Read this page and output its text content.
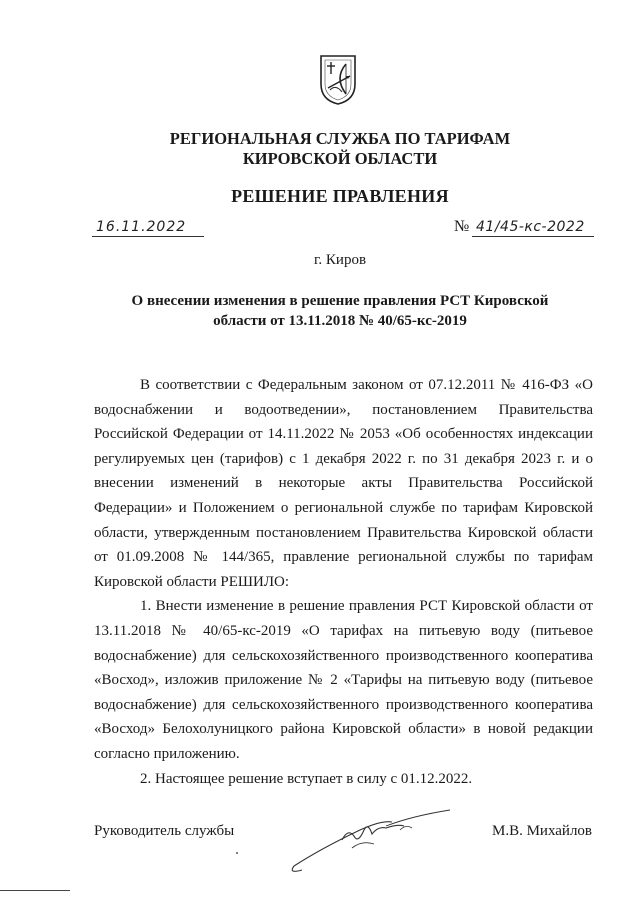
РЕГИОНАЛЬНАЯ СЛУЖБА ПО ТАРИФАМ
КИРОВСКОЙ ОБЛАСТИ
РЕШЕНИЕ ПРАВЛЕНИЯ
16.11.2022	№ 41/45-кс-2022
г. Киров
О внесении изменения в решение правления РСТ Кировской
области от 13.11.2018 № 40/65-кс-2019

В соответствии с Федеральным законом от 07.12.2011 № 416-ФЗ «О водоснабжении и водоотведении», постановлением Правительства Российской Федерации от 14.11.2022 № 2053 «Об особенностях индексации регулируемых цен (тарифов) с 1 декабря 2022 г. по 31 декабря 2023 г. и о внесении изменений в некоторые акты Правительства Российской Федерации» и Положением о региональной службе по тарифам Кировской области, утвержденным постановлением Правительства Кировской области от 01.09.2008 № 144/365, правление региональной службы по тарифам Кировской области РЕШИЛО:

1. Внести изменение в решение правления РСТ Кировской области от 13.11.2018 № 40/65-кс-2019 «О тарифах на питьевую воду (питьевое водоснабжение) для сельскохозяйственного производственного кооператива «Восход», изложив приложение № 2 «Тарифы на питьевую воду (питьевое водоснабжение) для сельскохозяйственного производственного кооператива «Восход» Белохолуницкого района Кировской области» в новой редакции согласно приложению.

2. Настоящее решение вступает в силу с 01.12.2022.

Руководитель службы	М.В. Михайлов
